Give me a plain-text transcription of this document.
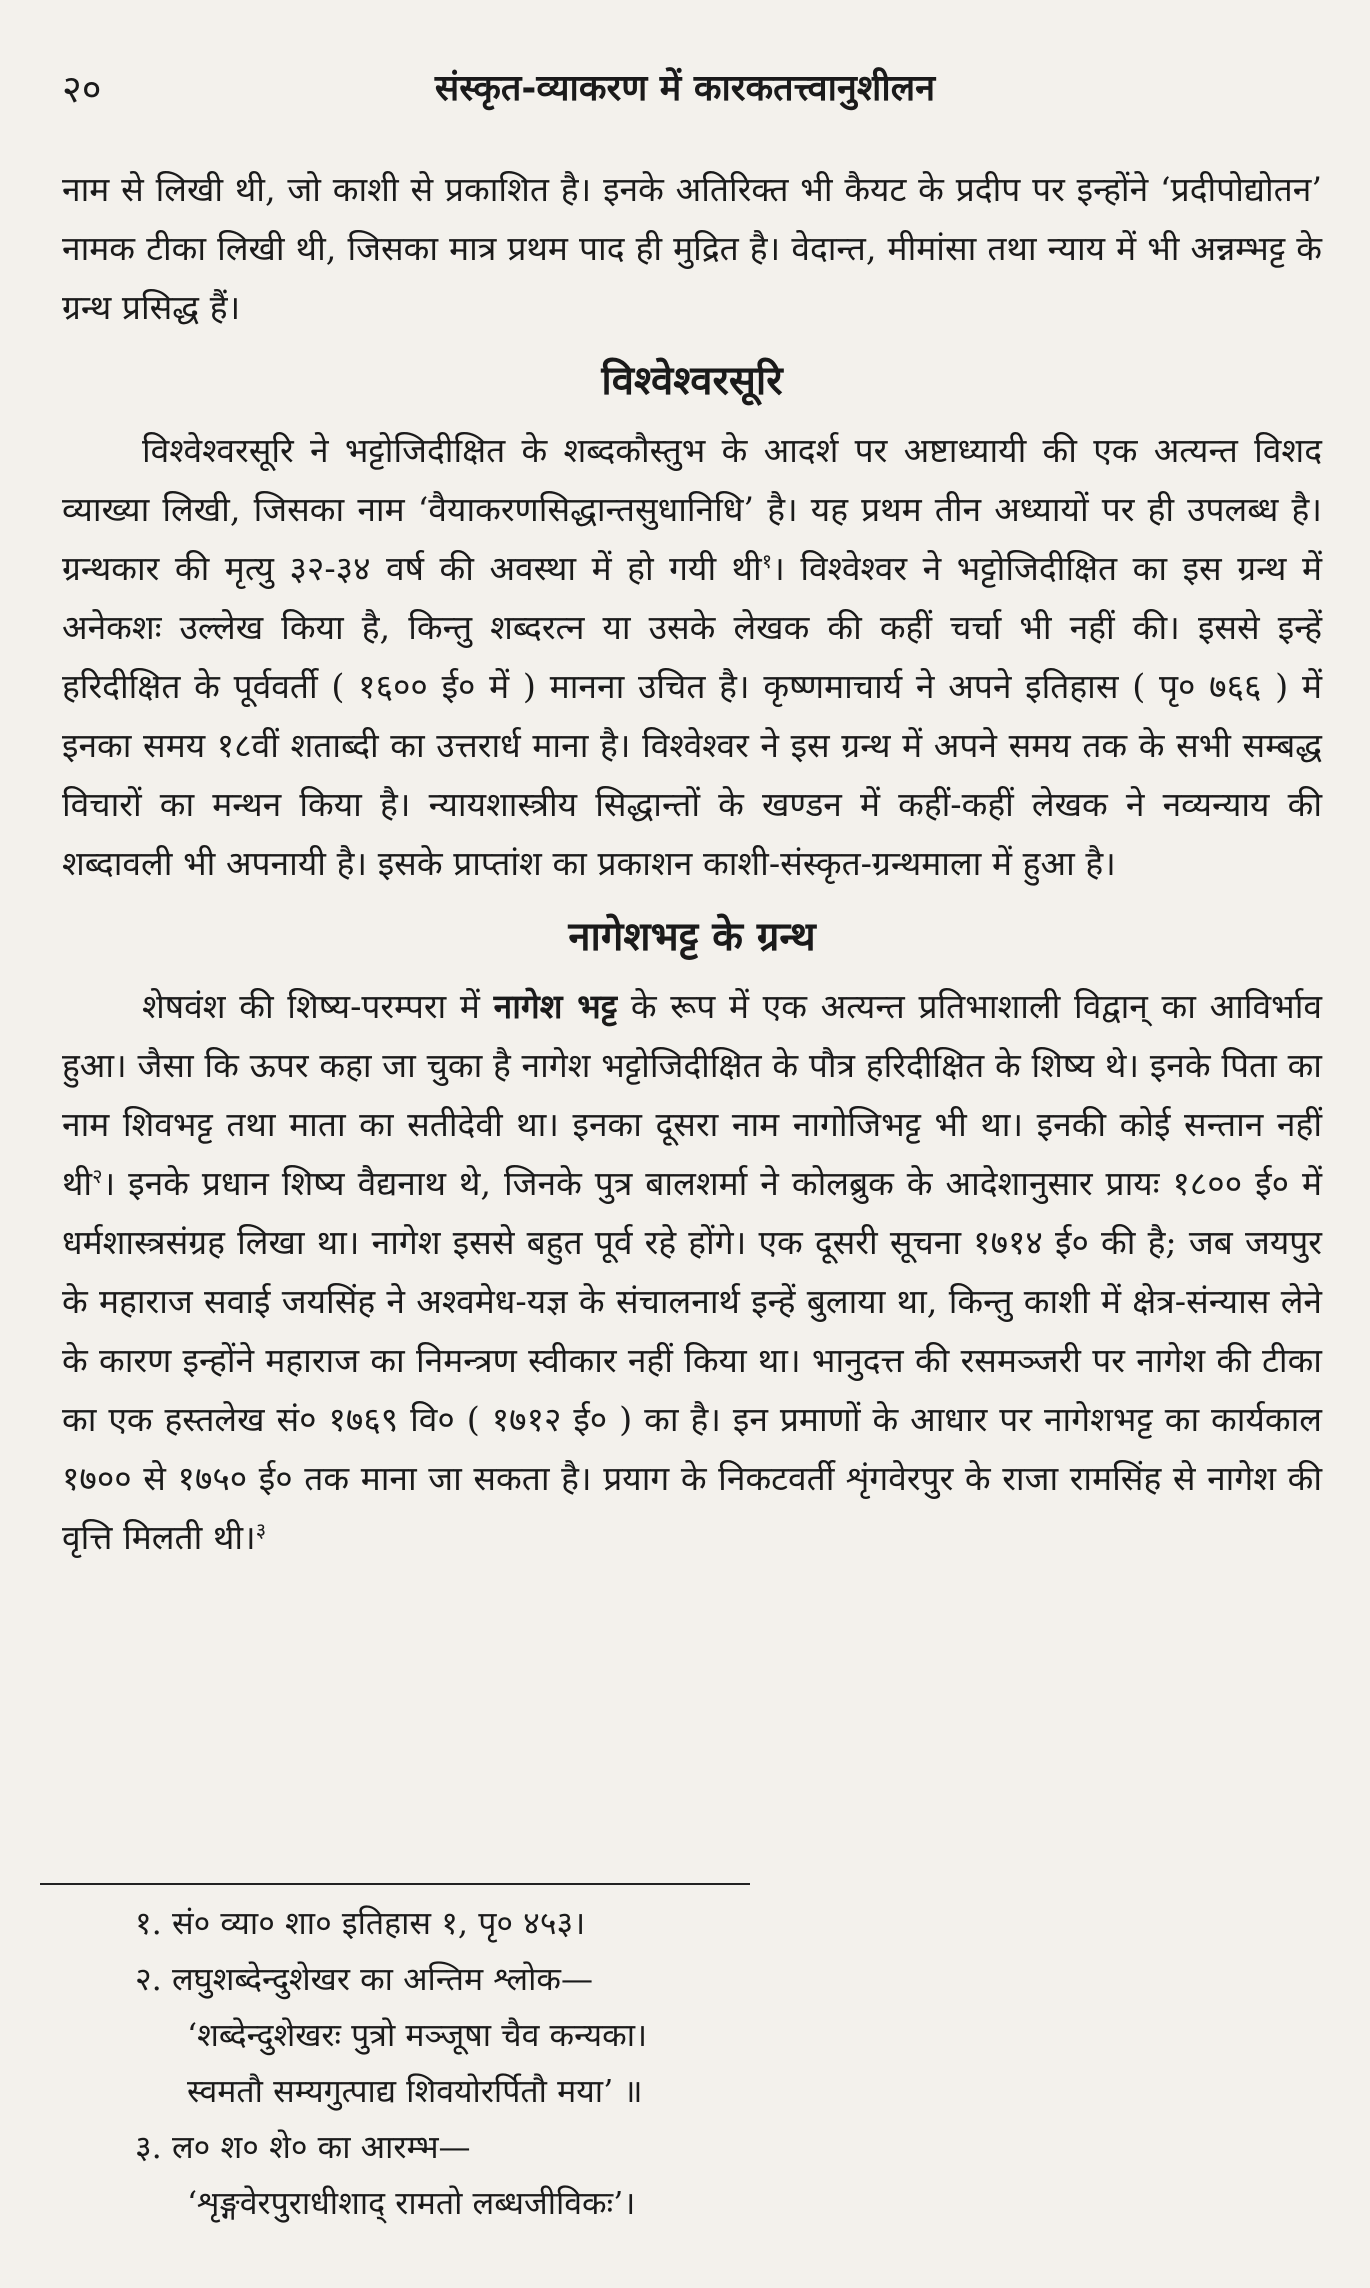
२०	संस्कृत-व्याकरण में कारकतत्त्वानुशीलन

नाम से लिखी थी, जो काशी से प्रकाशित है। इनके अतिरिक्त भी कैयट के प्रदीप पर इन्होंने ‘प्रदीपोद्योतन’ नामक टीका लिखी थी, जिसका मात्र प्रथम पाद ही मुद्रित है। वेदान्त, मीमांसा तथा न्याय में भी अन्नम्भट्ट के ग्रन्थ प्रसिद्ध हैं।

विश्वेश्वरसूरि

विश्वेश्वरसूरि ने भट्टोजिदीक्षित के शब्दकौस्तुभ के आदर्श पर अष्टाध्यायी की एक अत्यन्त विशद व्याख्या लिखी, जिसका नाम ‘वैयाकरणसिद्धान्तसुधानिधि’ है। यह प्रथम तीन अध्यायों पर ही उपलब्ध है। ग्रन्थकार की मृत्यु ३२-३४ वर्ष की अवस्था में हो गयी थी$^१$। विश्वेश्वर ने भट्टोजिदीक्षित का इस ग्रन्थ में अनेकशः उल्लेख किया है, किन्तु शब्दरत्न या उसके लेखक की कहीं चर्चा भी नहीं की। इससे इन्हें हरिदीक्षित के पूर्ववर्ती ( १६०० ई० में ) मानना उचित है। कृष्णमाचार्य ने अपने इतिहास ( पृ० ७६६ ) में इनका समय १८वीं शताब्दी का उत्तरार्ध माना है। विश्वेश्वर ने इस ग्रन्थ में अपने समय तक के सभी सम्बद्ध विचारों का मन्थन किया है। न्यायशास्त्रीय सिद्धान्तों के खण्डन में कहीं-कहीं लेखक ने नव्यन्याय की शब्दावली भी अपनायी है। इसके प्राप्तांश का प्रकाशन काशी-संस्कृत-ग्रन्थमाला में हुआ है।

नागेशभट्ट के ग्रन्थ

शेषवंश की शिष्य-परम्परा में नागेश भट्ट के रूप में एक अत्यन्त प्रतिभाशाली विद्वान् का आविर्भाव हुआ। जैसा कि ऊपर कहा जा चुका है नागेश भट्टोजिदीक्षित के पौत्र हरिदीक्षित के शिष्य थे। इनके पिता का नाम शिवभट्ट तथा माता का सतीदेवी था। इनका दूसरा नाम नागोजिभट्ट भी था। इनकी कोई सन्तान नहीं थी$^२$। इनके प्रधान शिष्य वैद्यनाथ थे, जिनके पुत्र बालशर्मा ने कोलब्रुक के आदेशानुसार प्रायः १८०० ई० में धर्मशास्त्रसंग्रह लिखा था। नागेश इससे बहुत पूर्व रहे होंगे। एक दूसरी सूचना १७१४ ई० की है; जब जयपुर के महाराज सवाई जयसिंह ने अश्वमेध-यज्ञ के संचालनार्थ इन्हें बुलाया था, किन्तु काशी में क्षेत्र-संन्यास लेने के कारण इन्होंने महाराज का निमन्त्रण स्वीकार नहीं किया था। भानुदत्त की रसमञ्जरी पर नागेश की टीका का एक हस्तलेख सं० १७६९ वि० ( १७१२ ई० ) का है। इन प्रमाणों के आधार पर नागेशभट्ट का कार्यकाल १७०० से १७५० ई० तक माना जा सकता है। प्रयाग के निकटवर्ती शृंगवेरपुर के राजा रामसिंह से नागेश की वृत्ति मिलती थी।$^३$

१. सं० व्या० शा० इतिहास १, पृ० ४५३।
२. लघुशब्देन्दुशेखर का अन्तिम श्लोक—
‘शब्देन्दुशेखरः पुत्रो मञ्जूषा चैव कन्यका।
स्वमतौ सम्यगुत्पाद्य शिवयोरर्पितौ मया’ ॥
३. ल० श० शे० का आरम्भ—
‘शृङ्गवेरपुराधीशाद् रामतो लब्धजीविकः’।
